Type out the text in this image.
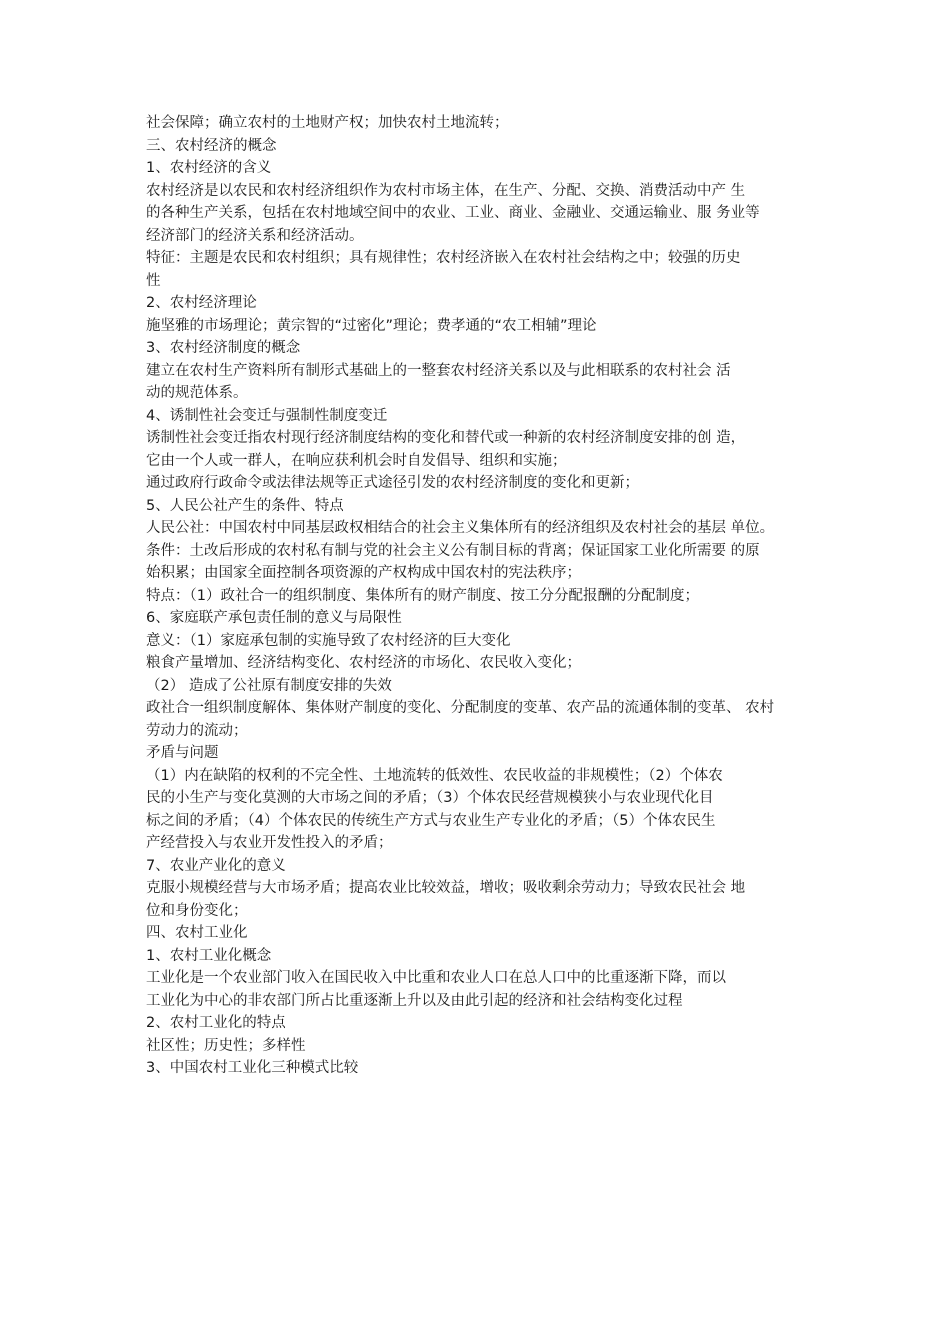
社会保障；确立农村的土地财产权；加快农村土地流转；
三、农村经济的概念
1、农村经济的含义
农村经济是以农民和农村经济组织作为农村市场主体，在生产、分配、交换、消费活动中产 生
的各种生产关系，包括在农村地域空间中的农业、工业、商业、金融业、交通运输业、服 务业等
经济部门的经济关系和经济活动。
特征：主题是农民和农村组织；具有规律性；农村经济嵌入在农村社会结构之中；较强的历史
性
2、农村经济理论
施坚雅的市场理论；黄宗智的“过密化”理论；费孝通的“农工相辅”理论
3、农村经济制度的概念
建立在农村生产资料所有制形式基础上的一整套农村经济关系以及与此相联系的农村社会 活
动的规范体系。
4、诱制性社会变迁与强制性制度变迁
诱制性社会变迁指农村现行经济制度结构的变化和替代或一种新的农村经济制度安排的创 造，
它由一个人或一群人，在响应获利机会时自发倡导、组织和实施；
通过政府行政命令或法律法规等正式途径引发的农村经济制度的变化和更新；
5、人民公社产生的条件、特点
人民公社：中国农村中同基层政权相结合的社会主义集体所有的经济组织及农村社会的基层 单位。
条件：土改后形成的农村私有制与党的社会主义公有制目标的背离；保证国家工业化所需要 的原
始积累；由国家全面控制各项资源的产权构成中国农村的宪法秩序；
特点：（1）政社合一的组织制度、集体所有的财产制度、按工分分配报酬的分配制度；
6、家庭联产承包责任制的意义与局限性
意义：（1）家庭承包制的实施导致了农村经济的巨大变化
粮食产量增加、经济结构变化、农村经济的市场化、农民收入变化；
（2） 造成了公社原有制度安排的失效
政社合一组织制度解体、集体财产制度的变化、分配制度的变革、农产品的流通体制的变革、 农村
劳动力的流动；
矛盾与问题
（1）内在缺陷的权利的不完全性、土地流转的低效性、农民收益的非规模性；（2）个体农
民的小生产与变化莫测的大市场之间的矛盾；（3）个体农民经营规模狭小与农业现代化目
标之间的矛盾；（4）个体农民的传统生产方式与农业生产专业化的矛盾；（5）个体农民生
产经营投入与农业开发性投入的矛盾；
7、农业产业化的意义
克服小规模经营与大市场矛盾；提高农业比较效益，增收；吸收剩余劳动力；导致农民社会 地
位和身份变化；
四、农村工业化
1、农村工业化概念
工业化是一个农业部门收入在国民收入中比重和农业人口在总人口中的比重逐渐下降，而以
工业化为中心的非农部门所占比重逐渐上升以及由此引起的经济和社会结构变化过程
2、农村工业化的特点
社区性；历史性；多样性
3、中国农村工业化三种模式比较
